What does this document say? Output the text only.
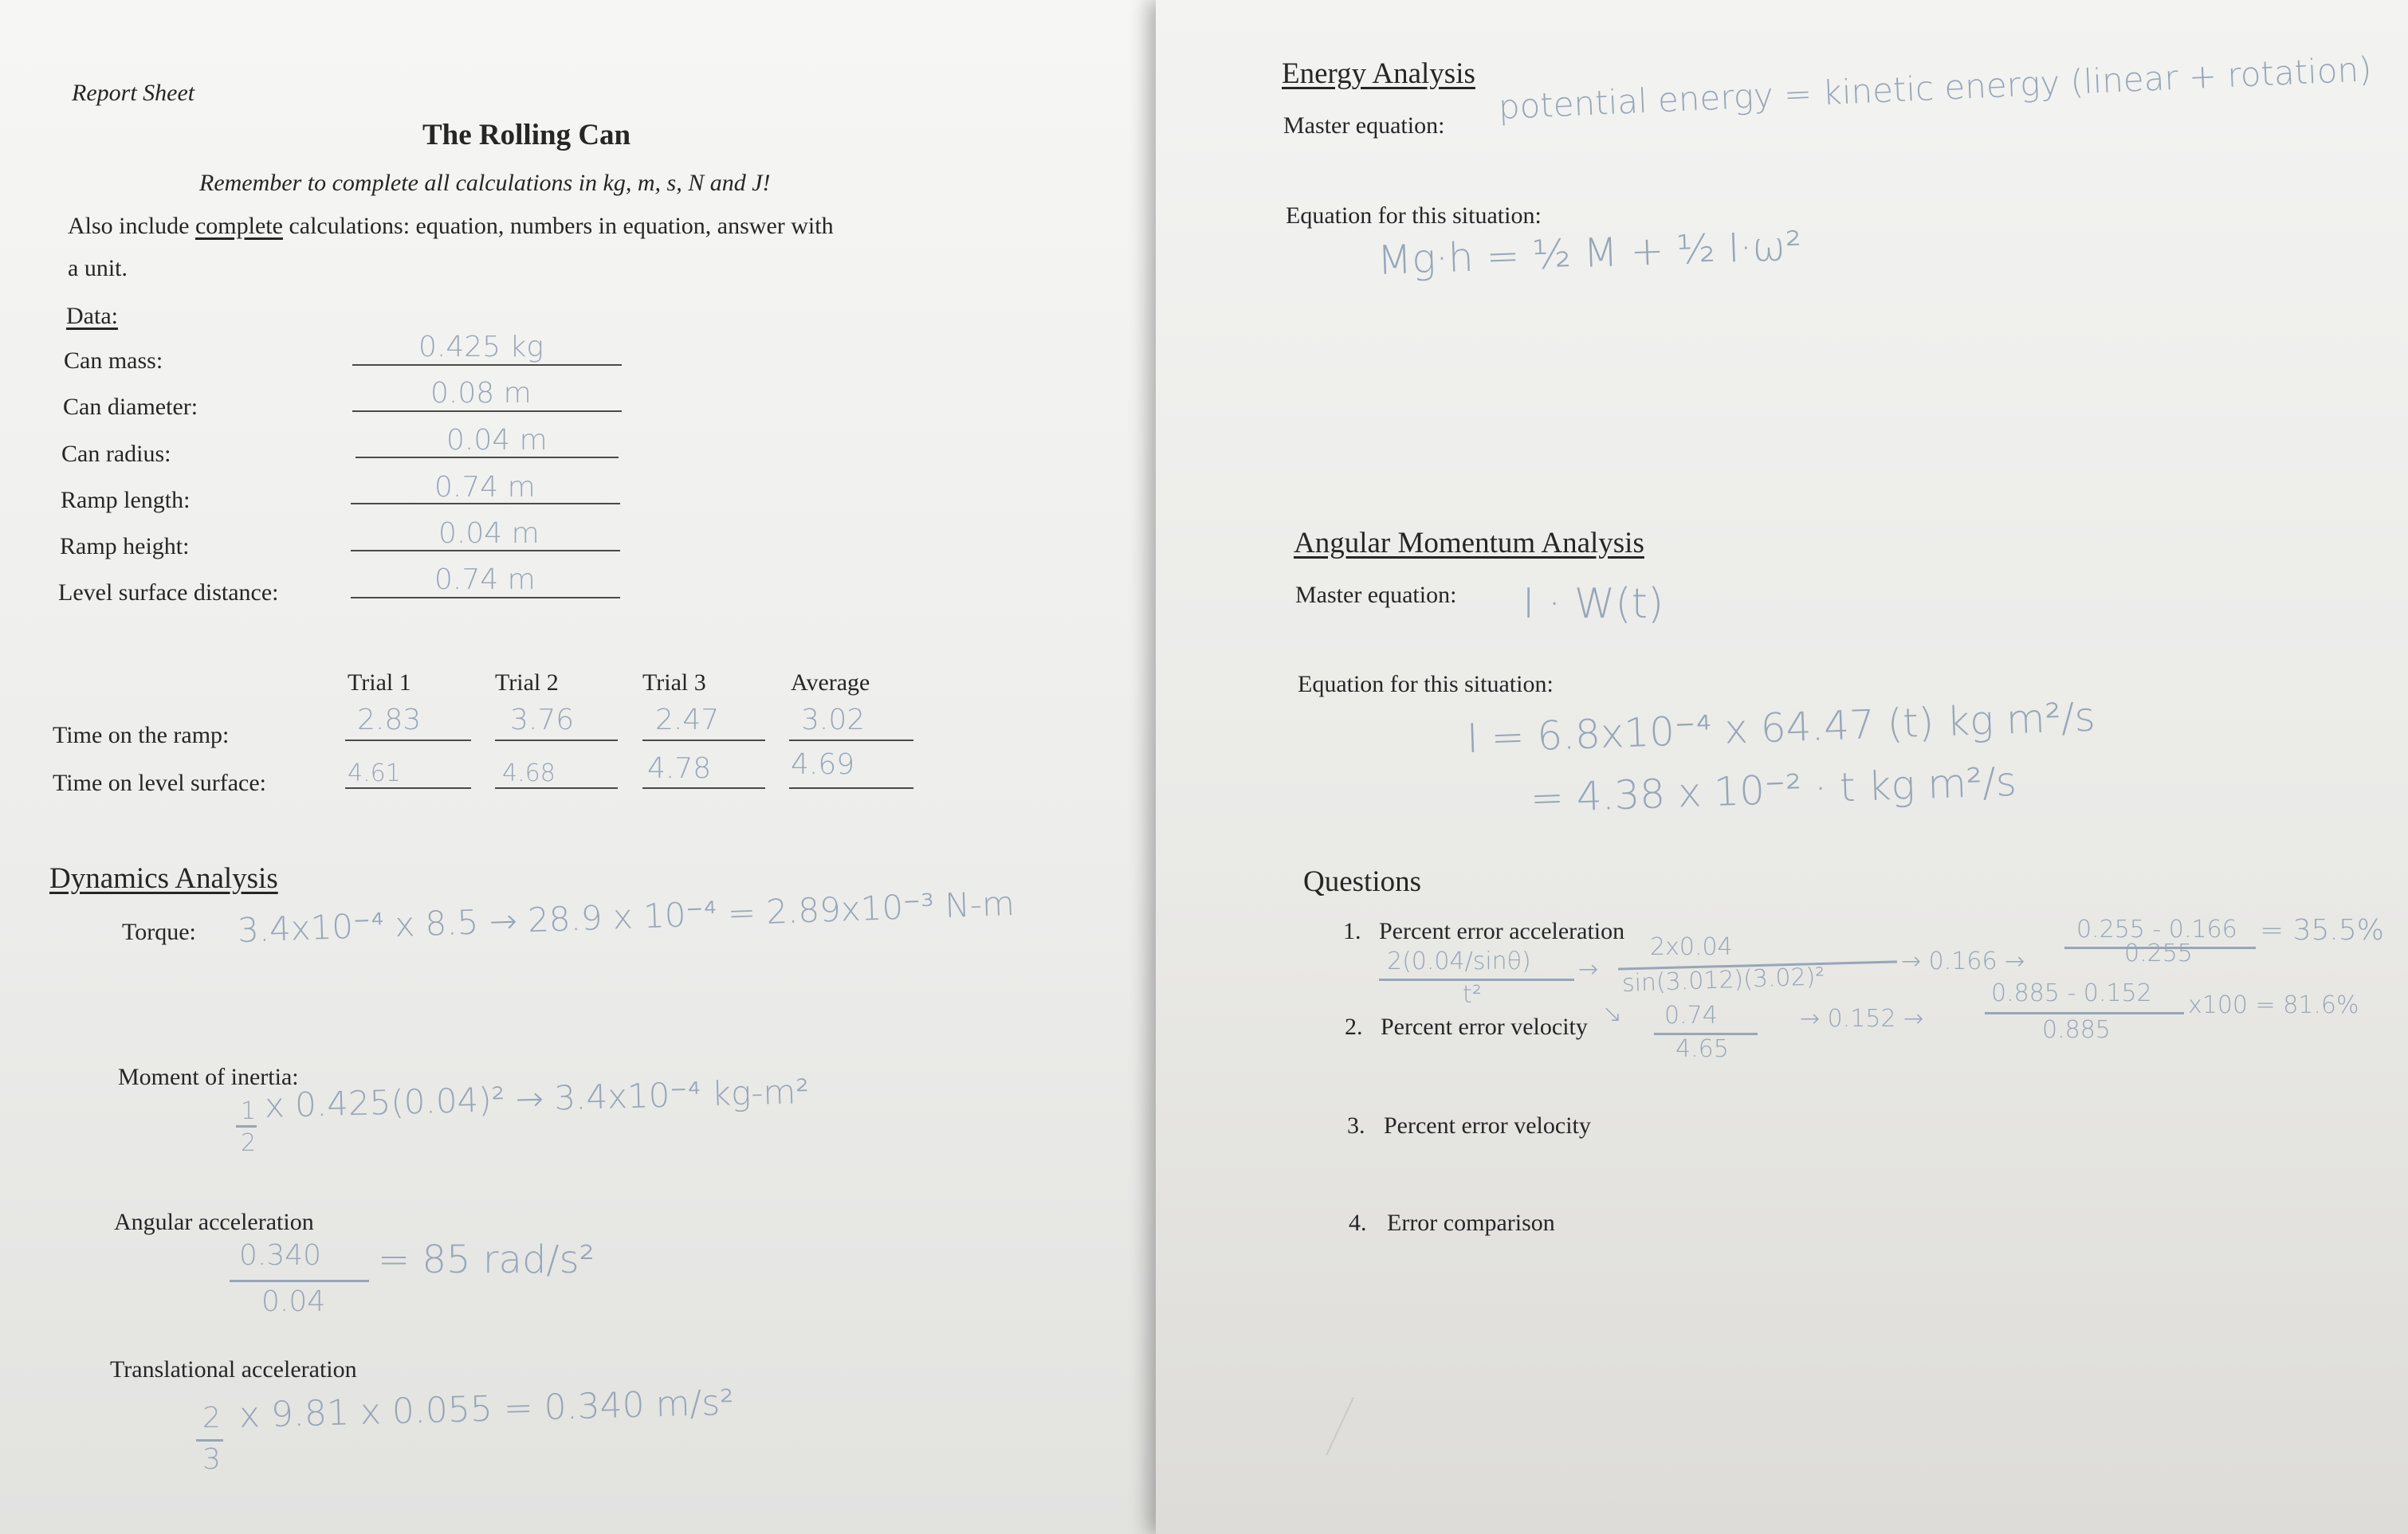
Report Sheet
The Rolling Can
Remember to complete all calculations in kg, m, s, N and J!
Also include complete calculations: equation, numbers in equation, answer with
a unit.
Data:
Can mass:	0.425 kg
Can diameter:	0.08 m
Can radius:	0.04 m
Ramp length:	0.74 m
Ramp height:	0.04 m
Level surface distance:	0.74 m
Trial 1	Trial 2	Trial 3	Average
Time on the ramp:	2.83	3.76	2.47	3.02
Time on level surface:	4.61	4.68	4.78	4.69
Dynamics Analysis
Torque: 3.4x10⁻⁴ x 8.5 → 28.9 x 10⁻⁴ = 2.89x10⁻³ N-m
Moment of inertia:
1
2
x 0.425(0.04)² → 3.4x10⁻⁴ kg-m²
Angular acceleration
0.340
0.04
= 85 rad/s²
Translational acceleration
2
3
x 9.81 x 0.055 = 0.340 m/s²
Energy Analysis
Master equation: potential energy = kinetic energy (linear + rotation)
Equation for this situation:
Mg·h = ½ M + ½ I·ω²
Angular Momentum Analysis
Master equation: I · W(t)
Equation for this situation:
I = 6.8x10⁻⁴ x 64.47 (t) kg m²/s
= 4.38 x 10⁻² · t kg m²/s
Questions
1. Percent error acceleration
2(0.04/sinθ)
t²
→
2x0.04
sin(3.012)(3.02)²
→ 0.166 →
0.255 - 0.166
0.255
= 35.5%
2. Percent error velocity ↘ 0.74
4.65
→ 0.152 →
0.885 - 0.152
0.885
x100 = 81.6%
3. Percent error velocity
4. Error comparison
